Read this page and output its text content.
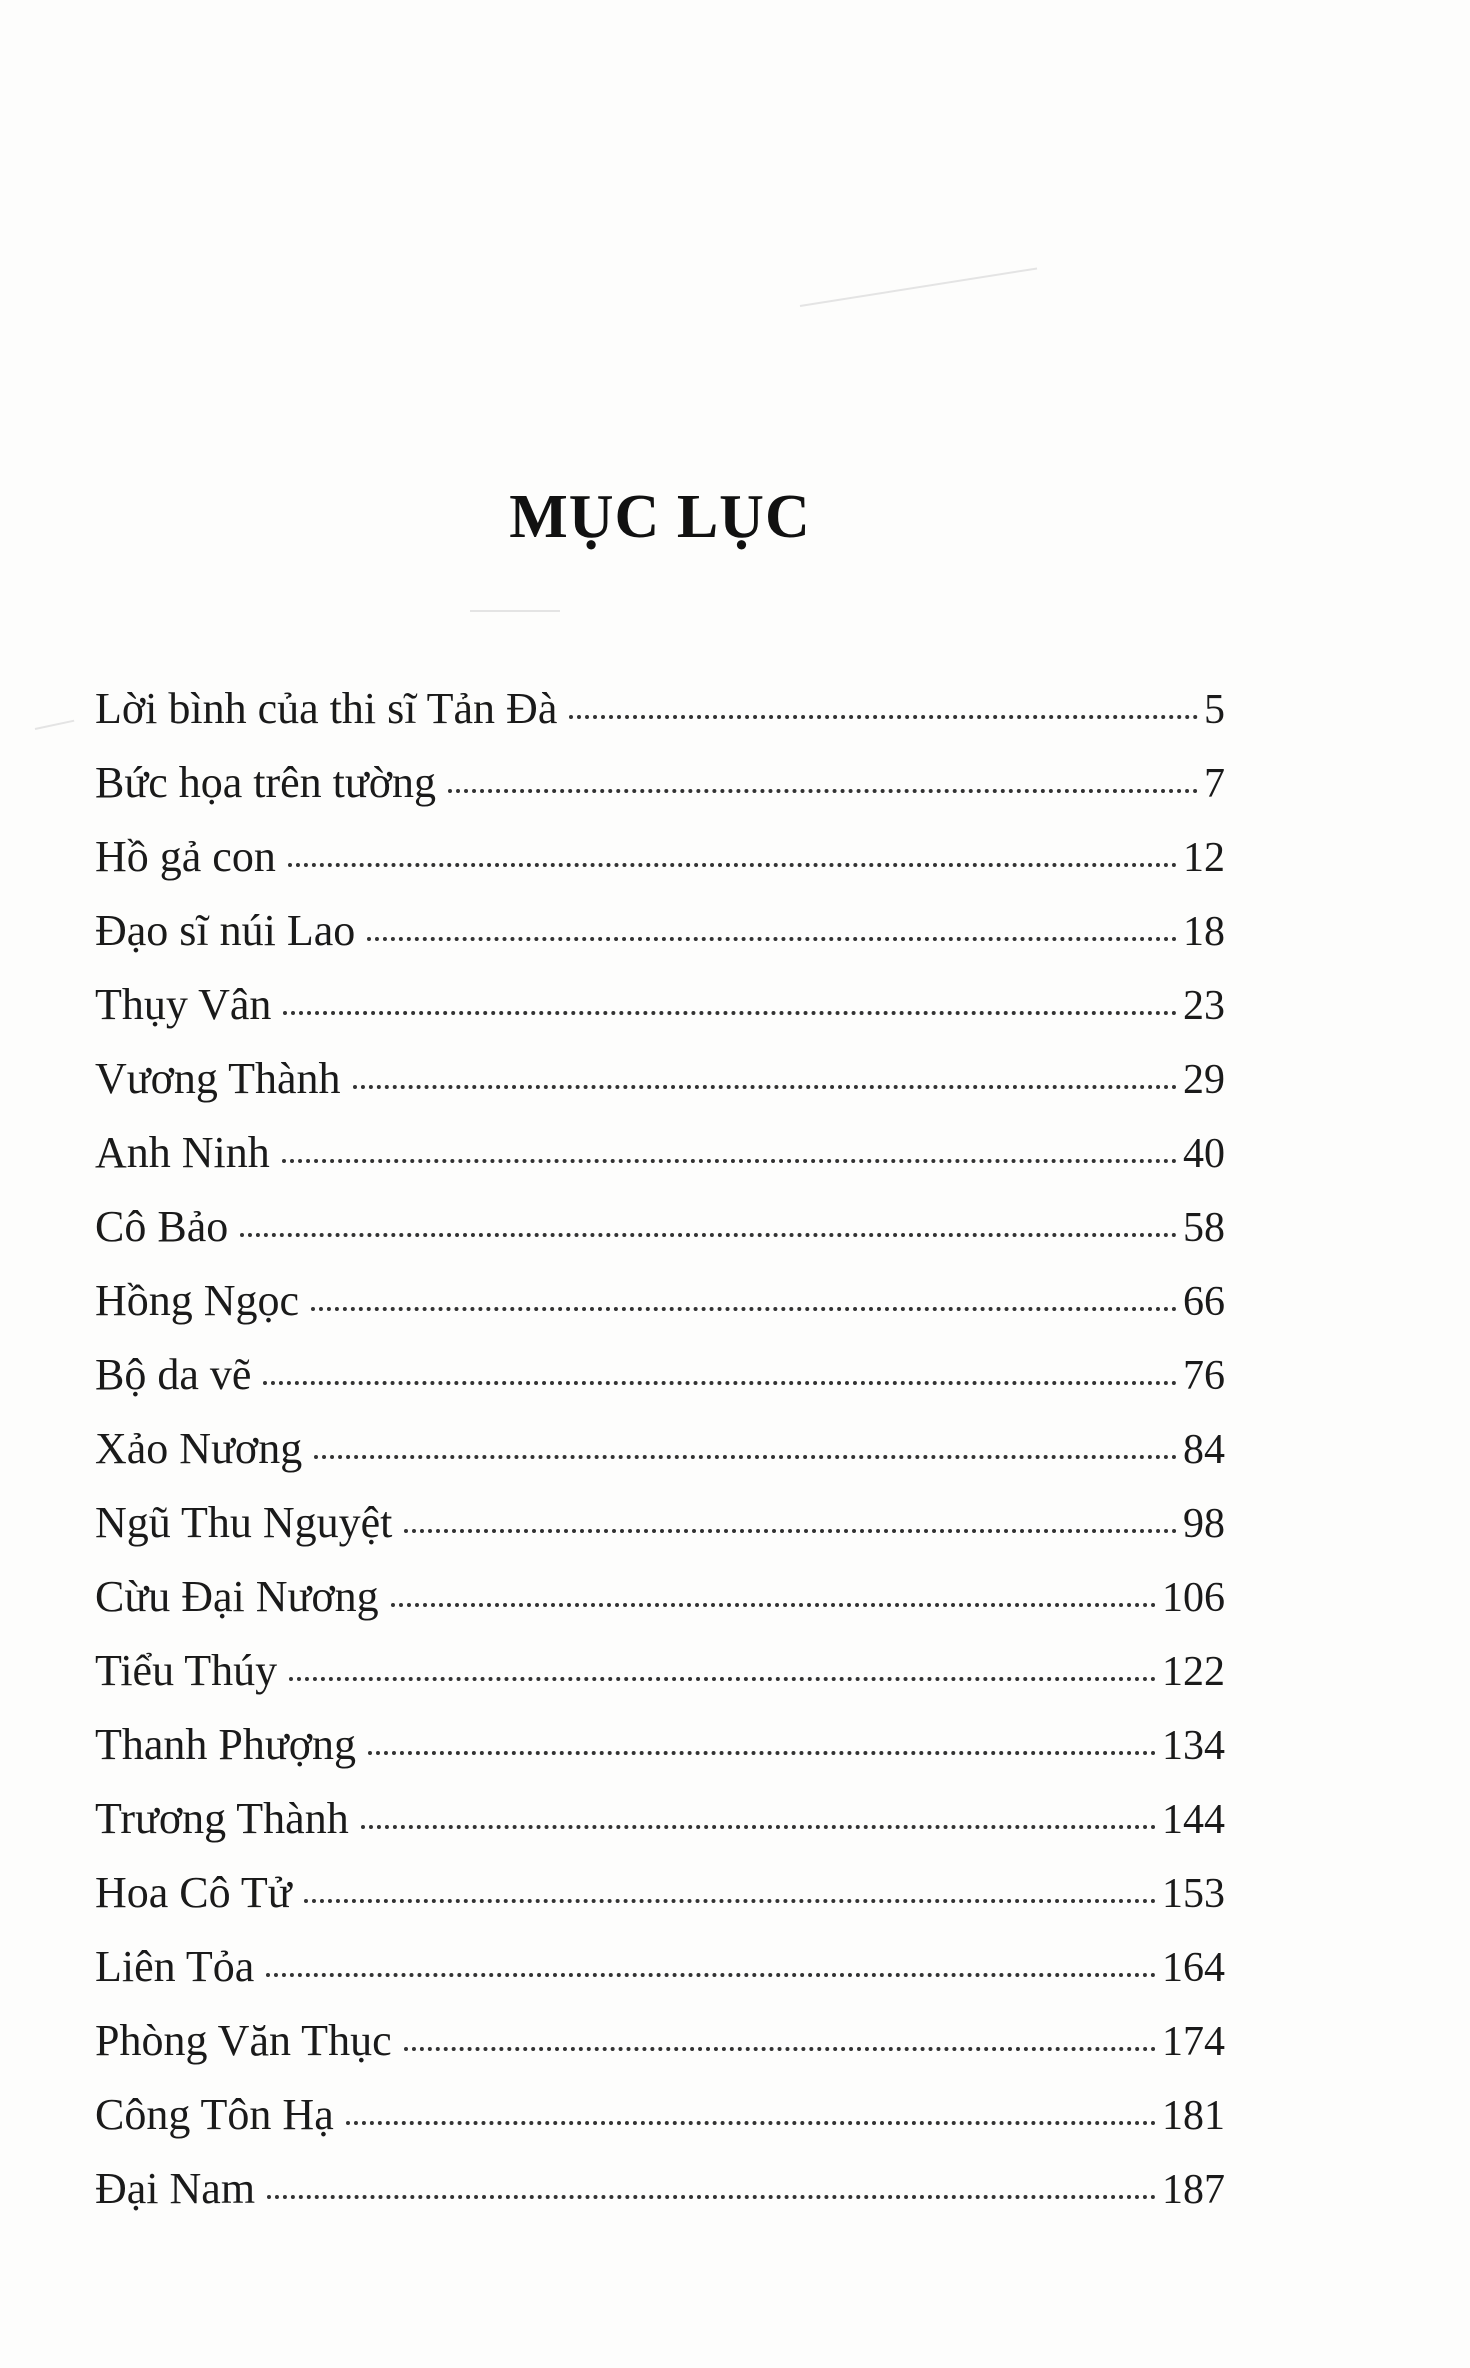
MỤC LỤC
Lời bình của thi sĩ Tản Đà	5
Bức họa trên tường	7
Hồ gả con	12
Đạo sĩ núi Lao	18
Thụy Vân	23
Vương Thành	29
Anh Ninh	40
Cô Bảo	58
Hồng Ngọc	66
Bộ da vẽ	76
Xảo Nương	84
Ngũ Thu Nguyệt	98
Cừu Đại Nương	106
Tiểu Thúy	122
Thanh Phượng	134
Trương Thành	144
Hoa Cô Tử	153
Liên Tỏa	164
Phòng Văn Thục	174
Công Tôn Hạ	181
Đại Nam	187
